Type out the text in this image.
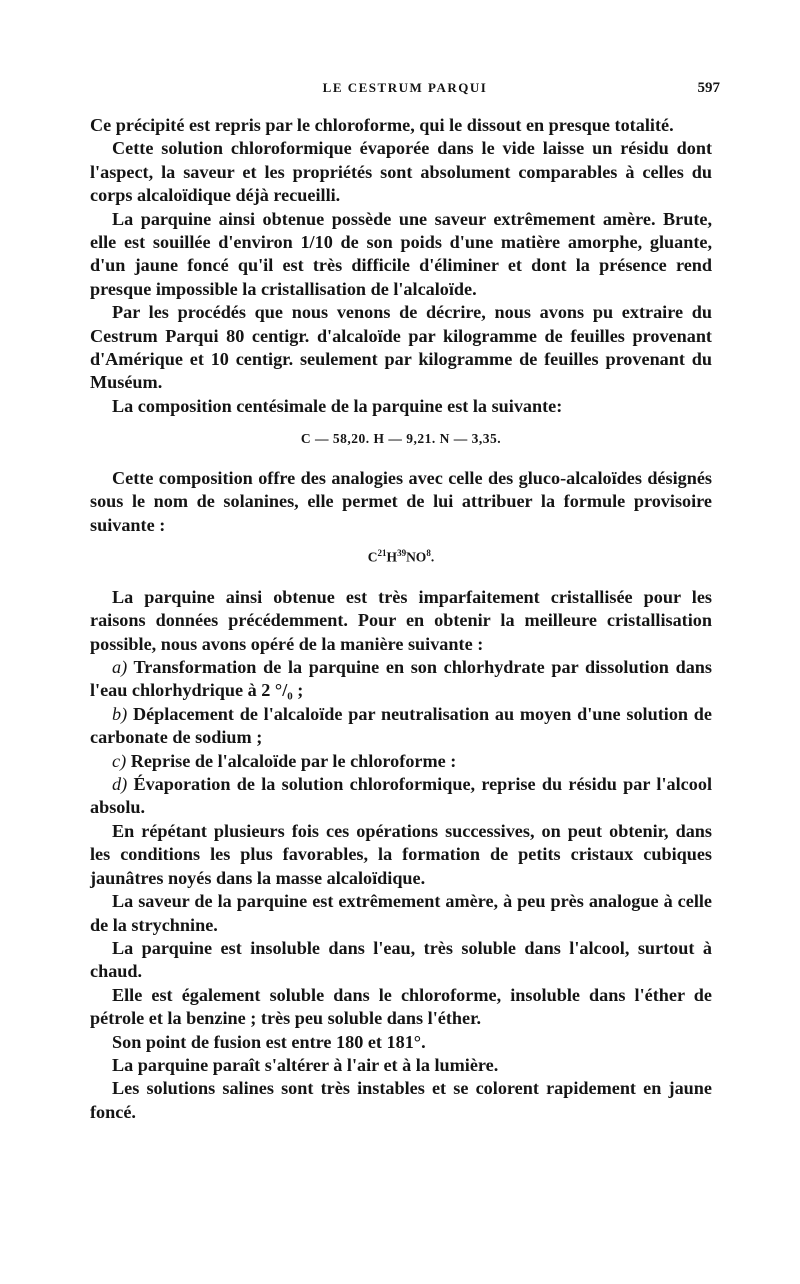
LE CESTRUM PARQUI	597

Ce précipité est repris par le chloroforme, qui le dissout en presque totalité.

Cette solution chloroformique évaporée dans le vide laisse un résidu dont l'aspect, la saveur et les propriétés sont absolument comparables à celles du corps alcaloïdique déjà recueilli.

La parquine ainsi obtenue possède une saveur extrêmement amère. Brute, elle est souillée d'environ 1/10 de son poids d'une matière amorphe, gluante, d'un jaune foncé qu'il est très difficile d'éliminer et dont la présence rend presque impossible la cristallisation de l'alcaloïde.

Par les procédés que nous venons de décrire, nous avons pu extraire du Cestrum Parqui 80 centigr. d'alcaloïde par kilogramme de feuilles provenant d'Amérique et 10 centigr. seulement par kilogramme de feuilles provenant du Muséum.

La composition centésimale de la parquine est la suivante:

C — 58,20. H — 9,21. N — 3,35.

Cette composition offre des analogies avec celle des gluco-alcaloïdes désignés sous le nom de solanines, elle permet de lui attribuer la formule provisoire suivante :

$C^{21}H^{39}NO^8$.

La parquine ainsi obtenue est très imparfaitement cristallisée pour les raisons données précédemment. Pour en obtenir la meilleure cristallisation possible, nous avons opéré de la manière suivante :

a) Transformation de la parquine en son chlorhydrate par dissolution dans l'eau chlorhydrique à 2 °/₀ ;

b) Déplacement de l'alcaloïde par neutralisation au moyen d'une solution de carbonate de sodium ;

c) Reprise de l'alcaloïde par le chloroforme :

d) Évaporation de la solution chloroformique, reprise du résidu par l'alcool absolu.

En répétant plusieurs fois ces opérations successives, on peut obtenir, dans les conditions les plus favorables, la formation de petits cristaux cubiques jaunâtres noyés dans la masse alcaloïdique.

La saveur de la parquine est extrêmement amère, à peu près analogue à celle de la strychnine.

La parquine est insoluble dans l'eau, très soluble dans l'alcool, surtout à chaud.

Elle est également soluble dans le chloroforme, insoluble dans l'éther de pétrole et la benzine ; très peu soluble dans l'éther.

Son point de fusion est entre 180 et 181°.

La parquine paraît s'altérer à l'air et à la lumière.

Les solutions salines sont très instables et se colorent rapidement en jaune foncé.
